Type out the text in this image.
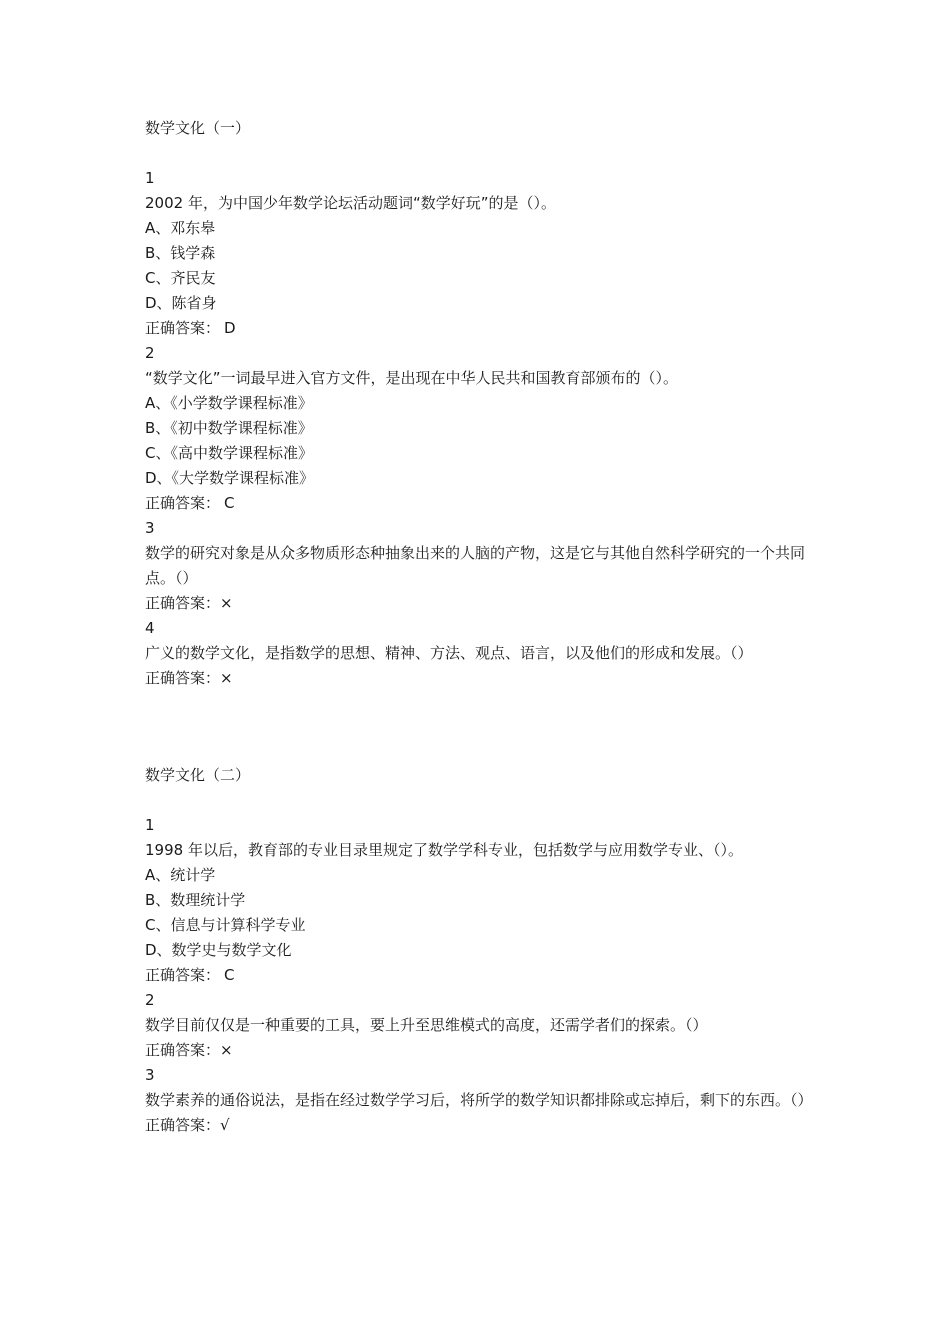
数学文化（一）
1
2002 年，为中国少年数学论坛活动题词“数学好玩”的是（）。
A、邓东皋
B、钱学森
C、齐民友
D、陈省身
正确答案： D
2
“数学文化”一词最早进入官方文件，是出现在中华人民共和国教育部颁布的（）。
A、《小学数学课程标准》
B、《初中数学课程标准》
C、《高中数学课程标准》
D、《大学数学课程标准》
正确答案： C
3
数学的研究对象是从众多物质形态种抽象出来的人脑的产物，这是它与其他自然科学研究的一个共同点。（）
正确答案：×
4
广义的数学文化，是指数学的思想、精神、方法、观点、语言，以及他们的形成和发展。（）
正确答案：×
数学文化（二）
1
1998 年以后，教育部的专业目录里规定了数学学科专业，包括数学与应用数学专业、（）。
A、统计学
B、数理统计学
C、信息与计算科学专业
D、数学史与数学文化
正确答案： C
2
数学目前仅仅是一种重要的工具，要上升至思维模式的高度，还需学者们的探索。（）
正确答案：×
3
数学素养的通俗说法，是指在经过数学学习后，将所学的数学知识都排除或忘掉后，剩下的东西。（）
正确答案：√
